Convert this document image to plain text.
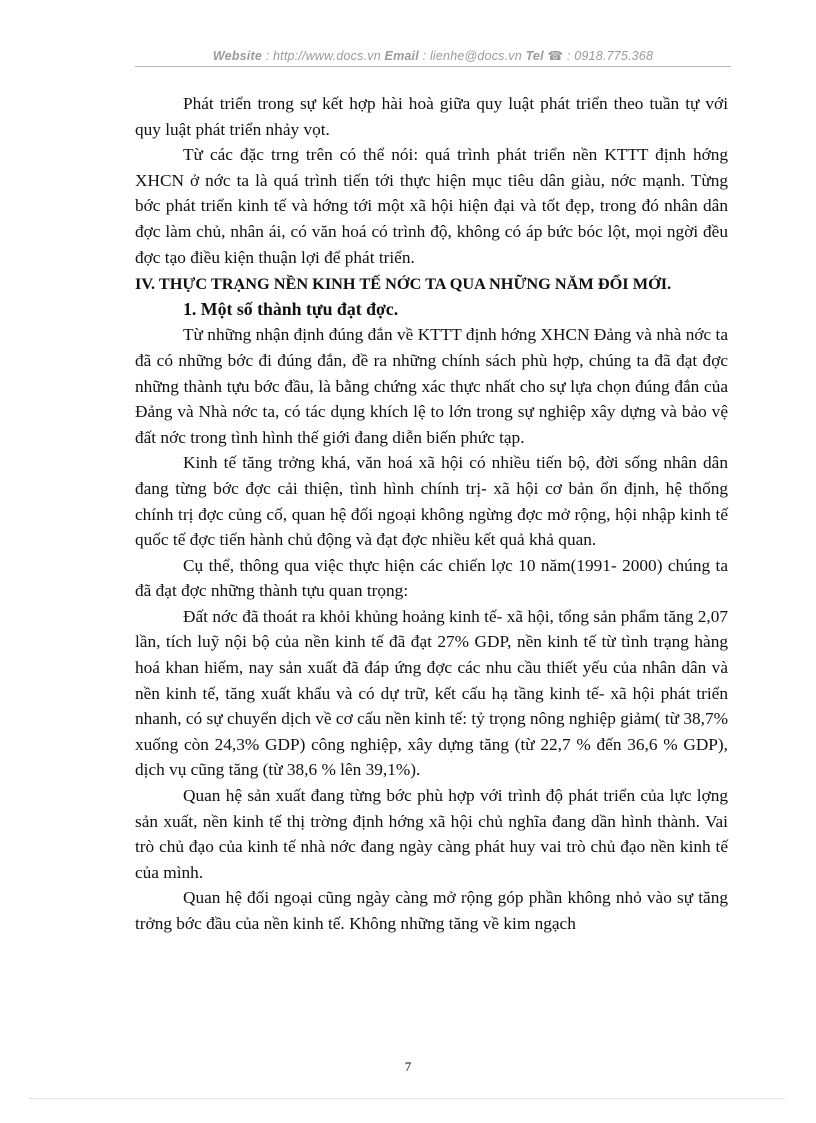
Website : http://www.docs.vn Email : lienhe@docs.vn Tel ☎ : 0918.775.368

Phát triển trong sự kết hợp hài hoà giữa quy luật phát triển theo tuần tự với quy luật phát triển nhảy vọt.

Từ các đặc trng trên có thể nói: quá trình phát triển nền KTTT định hớng XHCN ở nớc ta là quá trình tiến tới thực hiện mục tiêu dân giàu, nớc mạnh. Từng bớc phát triển kinh tế và hớng tới một xã hội hiện đại và tốt đẹp, trong đó nhân dân đợc làm chủ, nhân ái, có văn hoá có trình độ, không có áp bức bóc lột, mọi ngời đều đợc tạo điều kiện thuận lợi để phát triển.

IV. THỰC TRẠNG NỀN KINH TẾ NỚC TA QUA NHỮNG NĂM ĐỔI MỚI.

1. Một số thành tựu đạt đợc.

Từ những nhận định đúng đắn về KTTT định hớng XHCN Đảng và nhà nớc ta đã có những bớc đi đúng đắn, đề ra những chính sách phù hợp, chúng ta đã đạt đợc những thành tựu bớc đầu, là bằng chứng xác thực nhất cho sự lựa chọn đúng đắn của Đảng và Nhà nớc ta, có tác dụng khích lệ to lớn trong sự nghiệp xây dựng và bảo vệ đất nớc trong tình hình thế giới đang diễn biến phức tạp.

Kinh tế tăng trởng khá, văn hoá xã hội có nhiều tiến bộ, đời sống nhân dân đang từng bớc đợc cải thiện, tình hình chính trị- xã hội cơ bản ổn định, hệ thống chính trị đợc củng cố, quan hệ đối ngoại không ngừng đợc mở rộng, hội nhập kinh tế quốc tế đợc tiến hành chủ động và đạt đợc nhiều kết quả khả quan.

Cụ thể, thông qua việc thực hiện các chiến lợc 10 năm(1991- 2000) chúng ta đã đạt đợc những thành tựu quan trọng:

Đất nớc đã thoát ra khỏi khủng hoảng kinh tế- xã hội, tổng sản phẩm tăng 2,07 lần, tích luỹ nội bộ của nền kinh tế đã đạt 27% GDP, nền kinh tế từ tình trạng hàng hoá khan hiếm, nay sản xuất đã đáp ứng đợc các nhu cầu thiết yếu của nhân dân và nền kinh tế, tăng xuất khẩu và có dự trữ, kết cấu hạ tầng kinh tế- xã hội phát triển nhanh, có sự chuyển dịch về cơ cấu nền kinh tế: tỷ trọng nông nghiệp giảm( từ 38,7% xuống còn 24,3% GDP) công nghiệp, xây dựng tăng (từ 22,7 % đến 36,6 % GDP), dịch vụ cũng tăng (từ 38,6 % lên 39,1%).

Quan hệ sản xuất đang từng bớc phù hợp với trình độ phát triển của lực lợng sản xuất, nền kinh tế thị trờng định hớng xã hội chủ nghĩa đang dần hình thành. Vai trò chủ đạo của kinh tế nhà nớc đang ngày càng phát huy vai trò chủ đạo nền kinh tế của mình.

Quan hệ đối ngoại cũng ngày càng mở rộng góp phần không nhỏ vào sự tăng trởng bớc đầu của nền kinh tế. Không những tăng về kim ngạch

7
